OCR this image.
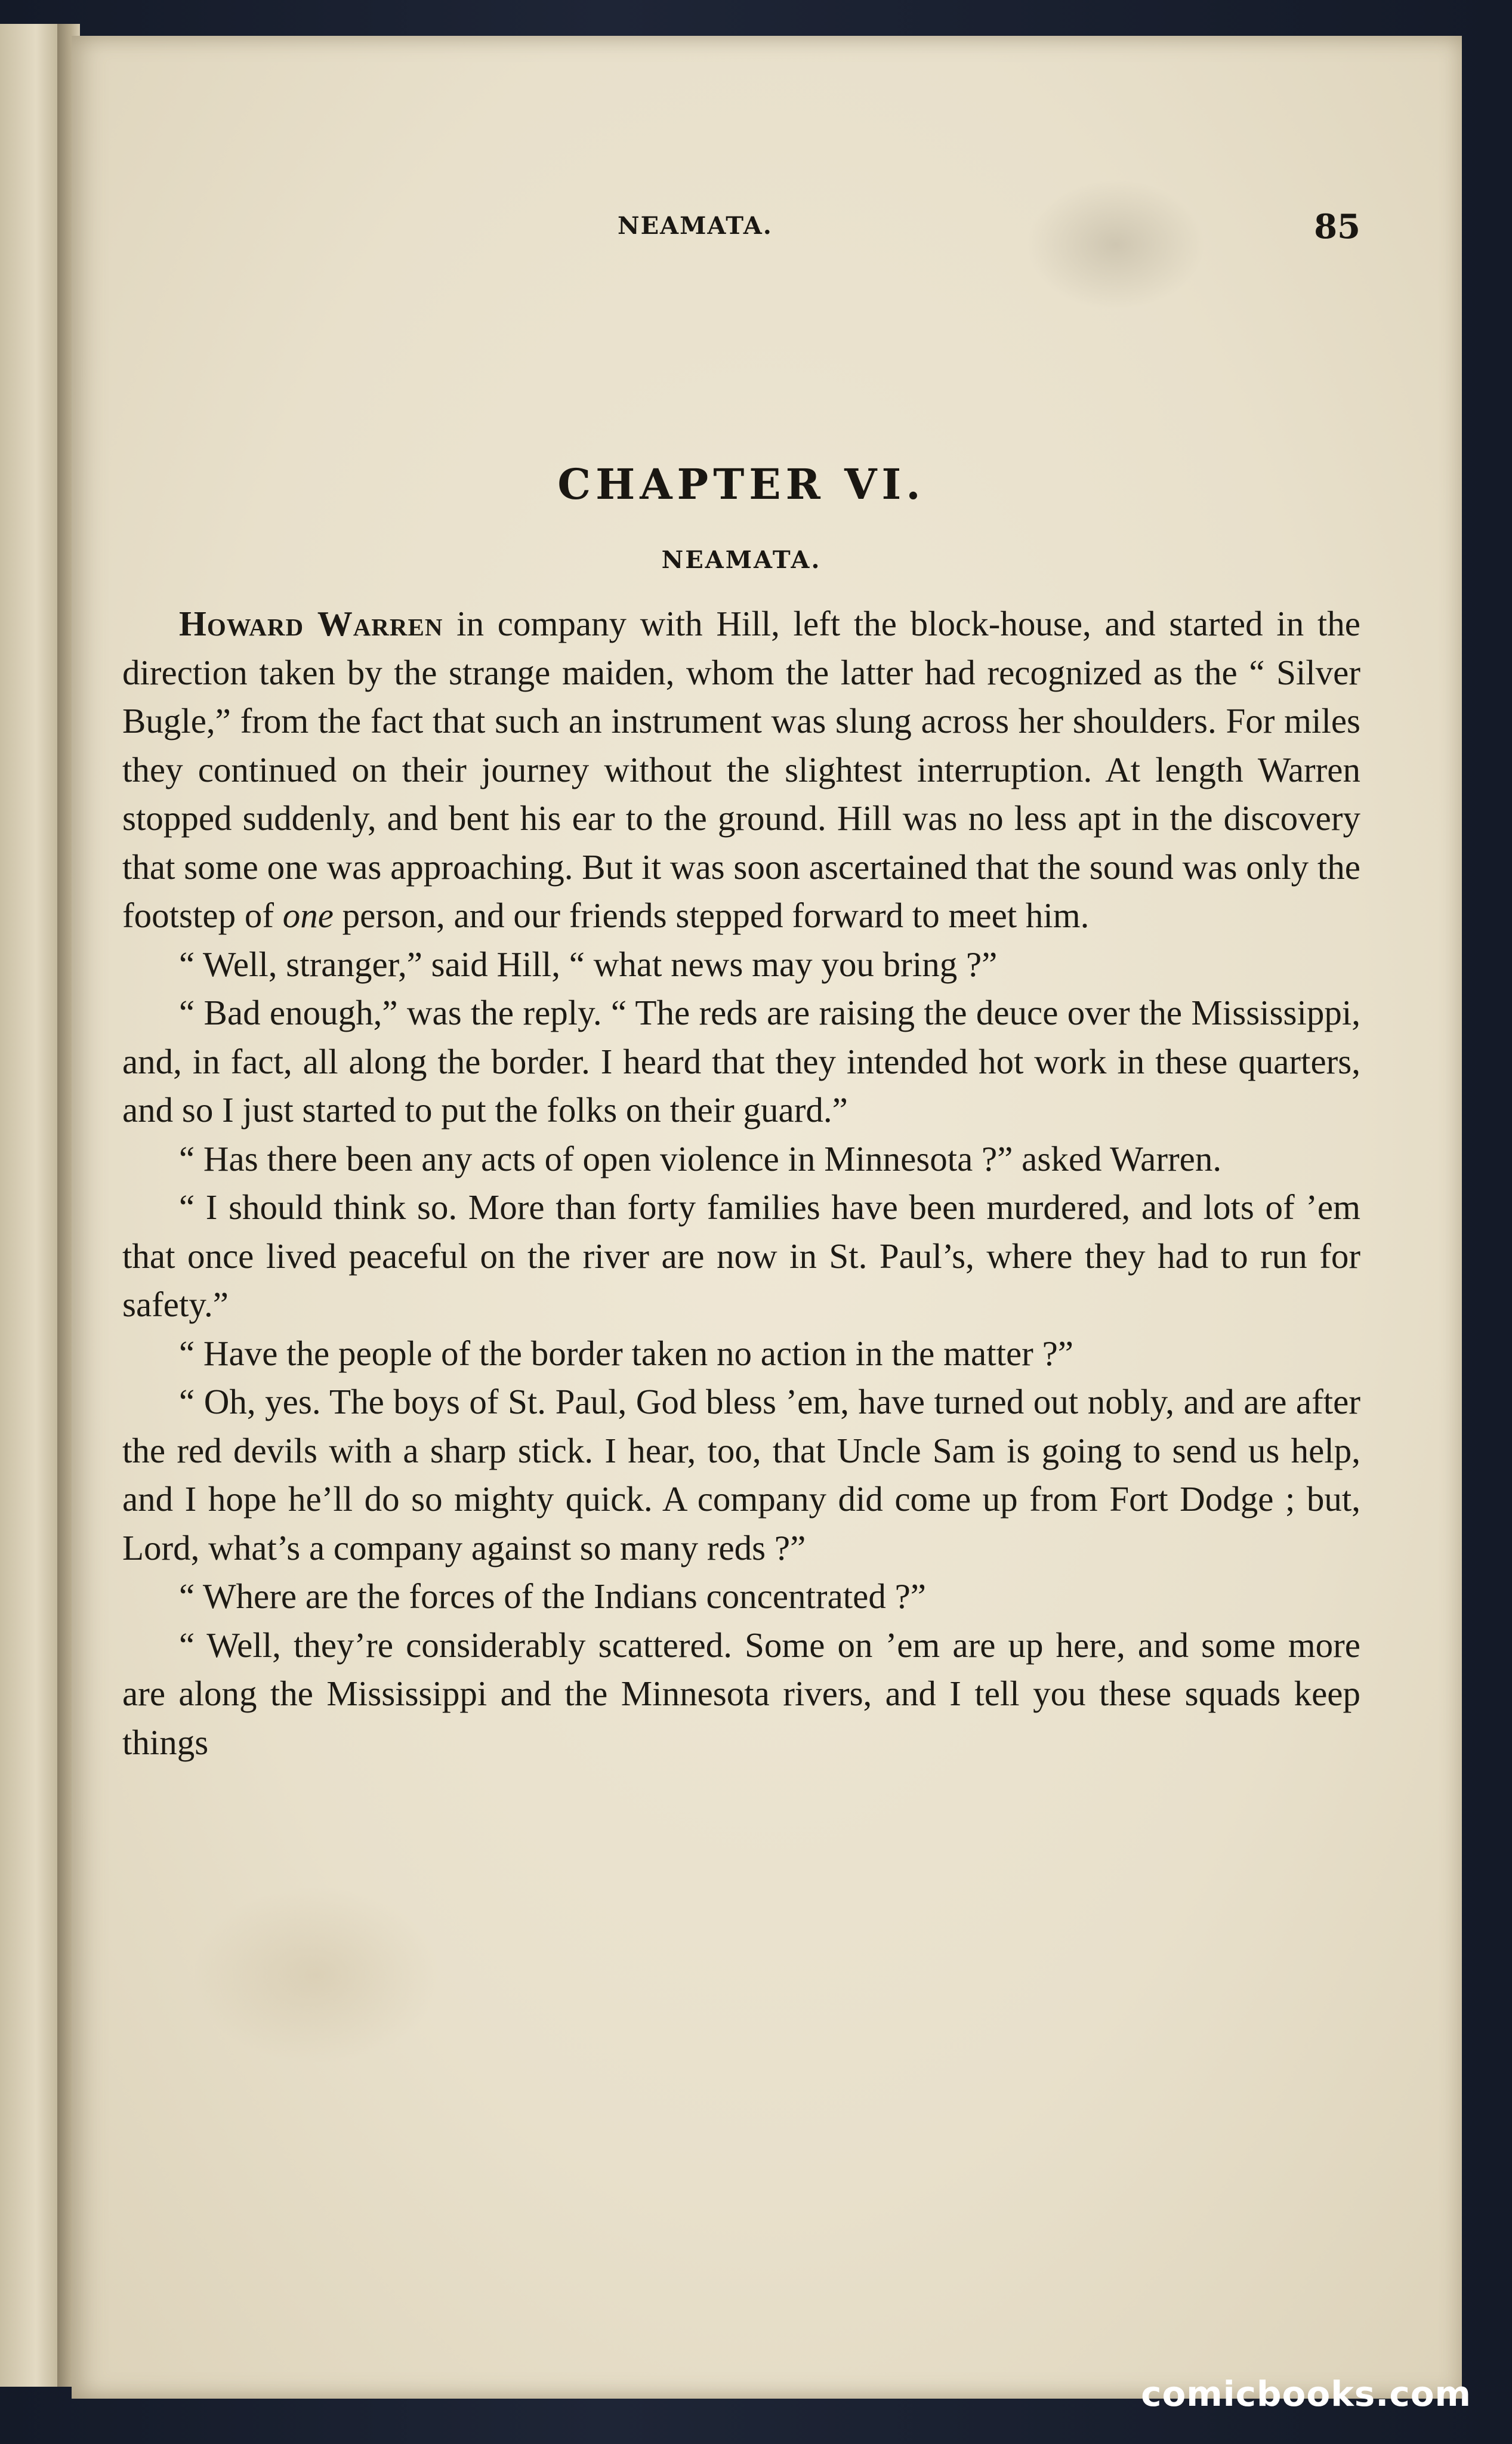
NEAMATA.	85
CHAPTER VI.
NEAMATA.

Howard Warren in company with Hill, left the block-house, and started in the direction taken by the strange maiden, whom the latter had recognized as the “ Silver Bugle,” from the fact that such an instrument was slung across her shoulders. For miles they continued on their journey without the slightest interruption. At length Warren stopped suddenly, and bent his ear to the ground. Hill was no less apt in the discovery that some one was approaching. But it was soon ascertained that the sound was only the footstep of one person, and our friends stepped forward to meet him.

“ Well, stranger,” said Hill, “ what news may you bring ?”

“ Bad enough,” was the reply. “ The reds are raising the deuce over the Mississippi, and, in fact, all along the border. I heard that they intended hot work in these quarters, and so I just started to put the folks on their guard.”

“ Has there been any acts of open violence in Minnesota ?” asked Warren.

“ I should think so. More than forty families have been murdered, and lots of ’em that once lived peaceful on the river are now in St. Paul’s, where they had to run for safety.”

“ Have the people of the border taken no action in the matter ?”

“ Oh, yes. The boys of St. Paul, God bless ’em, have turned out nobly, and are after the red devils with a sharp stick. I hear, too, that Uncle Sam is going to send us help, and I hope he’ll do so mighty quick. A company did come up from Fort Dodge ; but, Lord, what’s a company against so many reds ?”

“ Where are the forces of the Indians concentrated ?”

“ Well, they’re considerably scattered. Some on ’em are up here, and some more are along the Mississippi and the Minnesota rivers, and I tell you these squads keep things

comicbooks.com
